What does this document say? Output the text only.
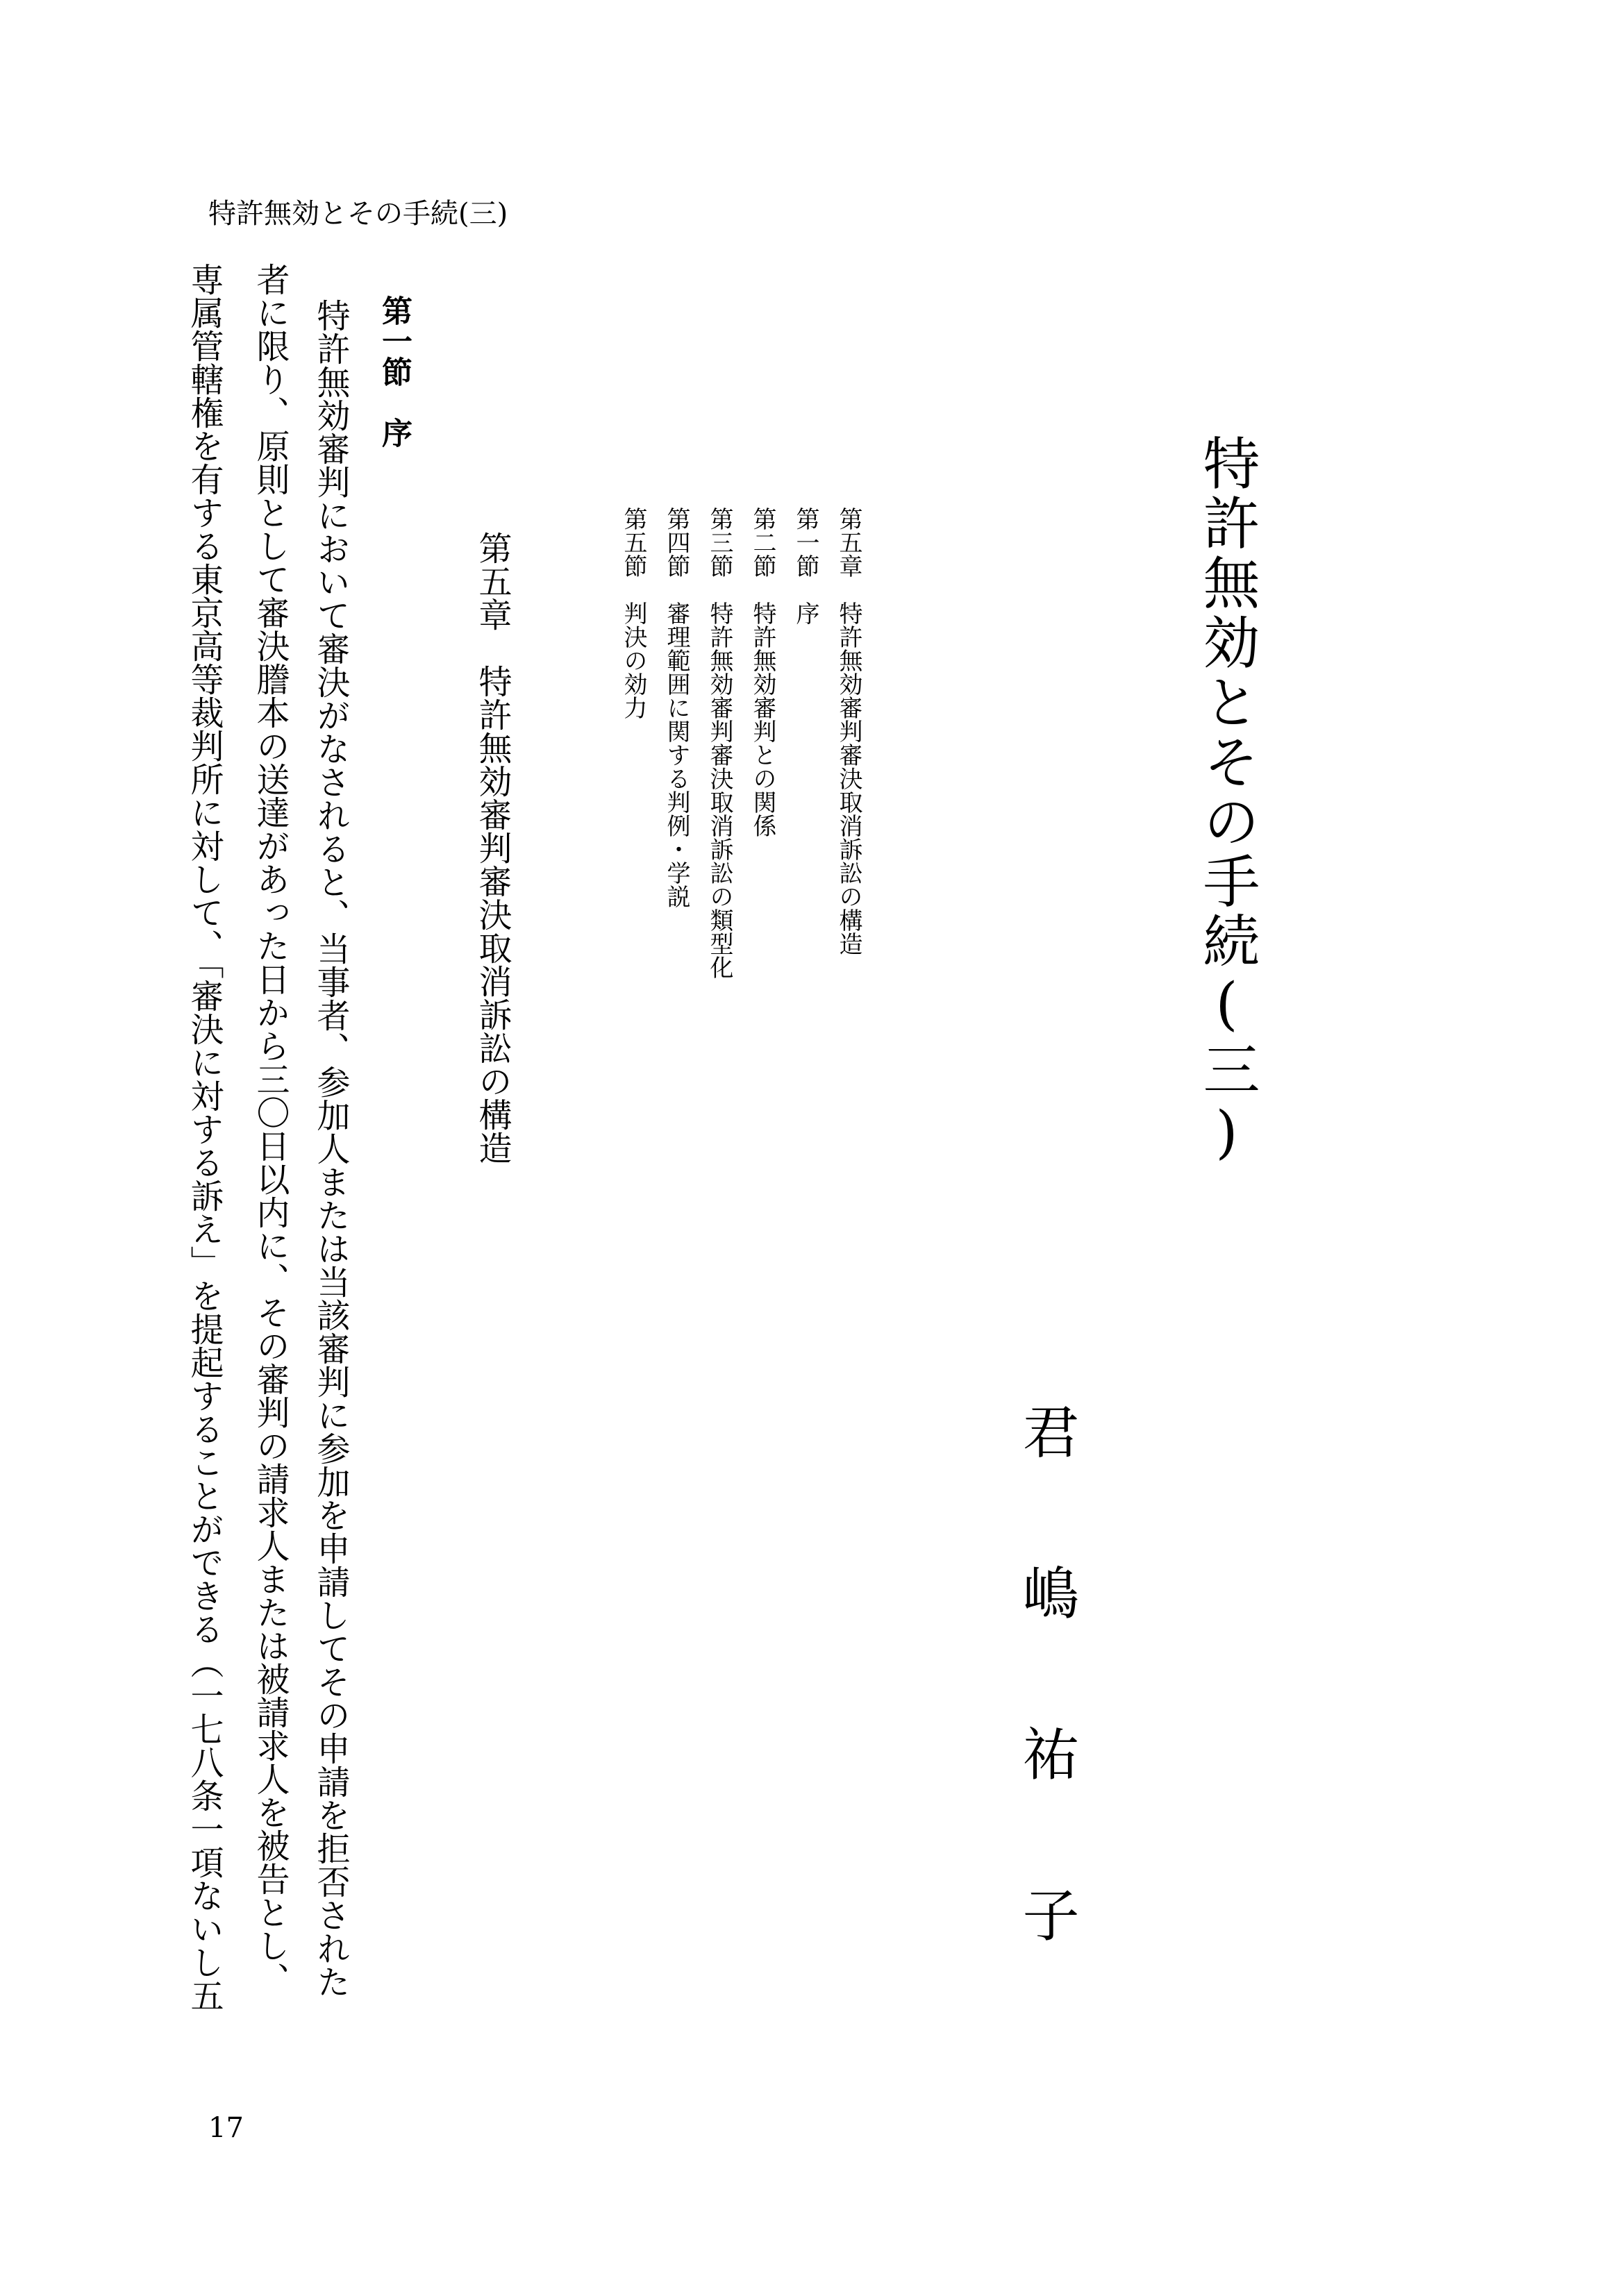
特許無効とその手続(三)
特許無効とその手続(三)
君嶋祐子
第五章　特許無効審判審決取消訴訟の構造
第一節　序
第二節　特許無効審判との関係
第三節　特許無効審判審決取消訴訟の類型化
第四節　審理範囲に関する判例・学説
第五節　判決の効力
第五章　特許無効審判審決取消訴訟の構造
第一節　序
特許無効審判において審決がなされると、当事者、参加人または当該審判に参加を申請してその申請を拒否された
者に限り、原則として審決謄本の送達があった日から三〇日以内に、その審判の請求人または被請求人を被告とし、
専属管轄権を有する東京高等裁判所に対して、「審決に対する訴え」を提起することができる（一七八条一項ないし五
17
